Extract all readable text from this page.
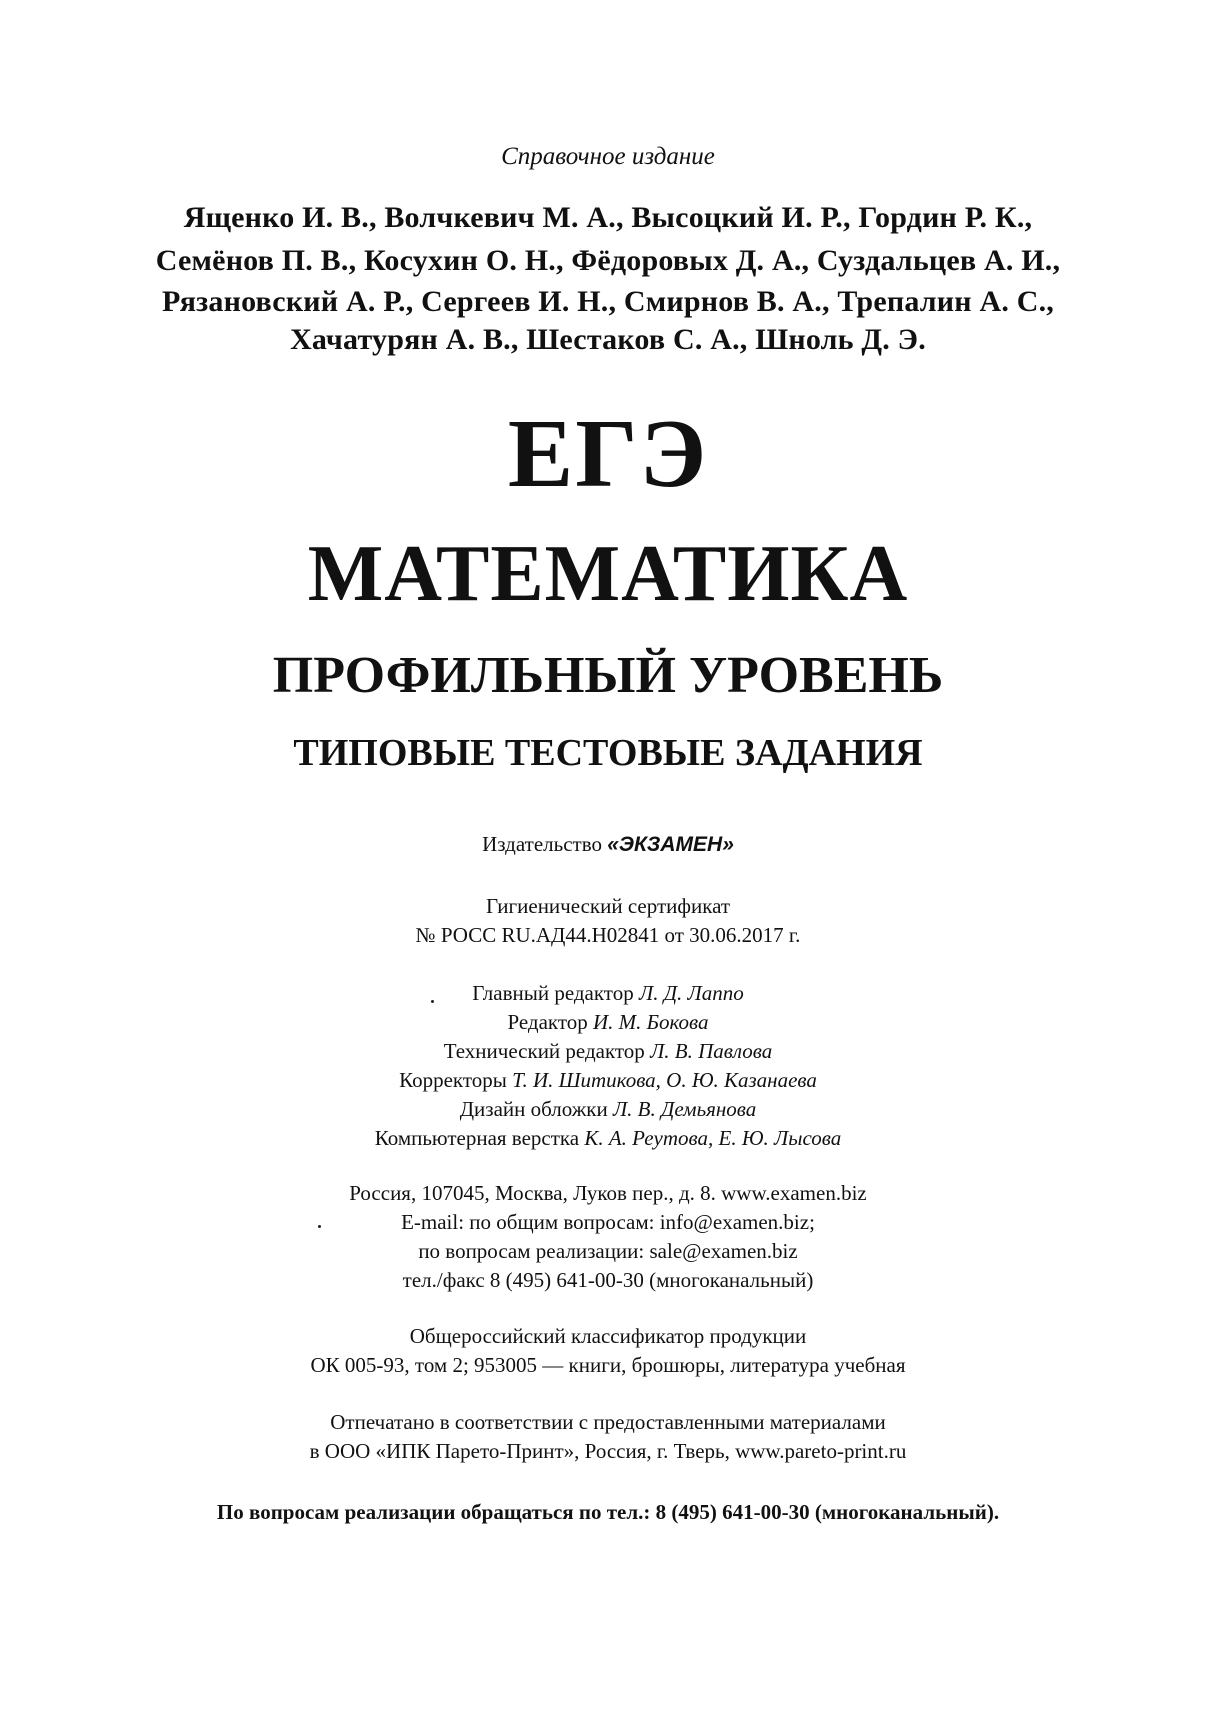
Справочное издание
Ященко И. В., Волчкевич М. А., Высоцкий И. Р., Гордин Р. К.,
Семёнов П. В., Косухин О. Н., Фёдоровых Д. А., Суздальцев А. И.,
Рязановский А. Р., Сергеев И. Н., Смирнов В. А., Трепалин А. С.,
Хачатурян А. В., Шестаков С. А., Шноль Д. Э.
ЕГЭ
МАТЕМАТИКА
ПРОФИЛЬНЫЙ УРОВЕНЬ
ТИПОВЫЕ ТЕСТОВЫЕ ЗАДАНИЯ
Издательство «ЭКЗАМЕН»
Гигиенический сертификат
№ РОСС RU.АД44.Н02841 от 30.06.2017 г.
Главный редактор Л. Д. Лаппо
Редактор И. М. Бокова
Технический редактор Л. В. Павлова
Корректоры Т. И. Шитикова, О. Ю. Казанаева
Дизайн обложки Л. В. Демьянова
Компьютерная верстка К. А. Реутова, Е. Ю. Лысова
Россия, 107045, Москва, Луков пер., д. 8. www.examen.biz
E-mail: по общим вопросам: info@examen.biz;
по вопросам реализации: sale@examen.biz
тел./факс 8 (495) 641-00-30 (многоканальный)
Общероссийский классификатор продукции
ОК 005-93, том 2; 953005 — книги, брошюры, литература учебная
Отпечатано в соответствии с предоставленными материалами
в ООО «ИПК Парето-Принт», Россия, г. Тверь, www.pareto-print.ru
По вопросам реализации обращаться по тел.: 8 (495) 641-00-30 (многоканальный).
